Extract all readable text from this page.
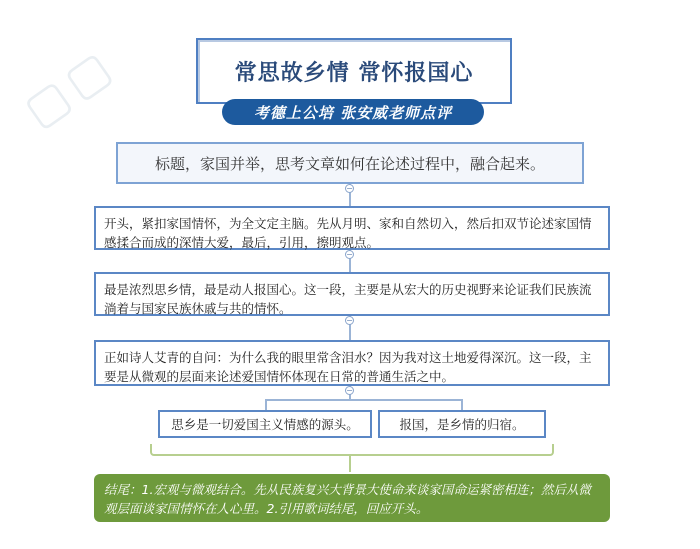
▢▢
−
−
−
−
常思故乡情 常怀报国心
考德上公培 张安威老师点评
标题，家国并举，思考文章如何在论述过程中，融合起来。
开头，紧扣家国情怀，为全文定主脑。先从月明、家和自然切入，然后扣双节论述家国情感揉合而成的深情大爱，最后，引用，擦明观点。
最是浓烈思乡情，最是动人报国心。这一段，主要是从宏大的历史视野来论证我们民族流淌着与国家民族休戚与共的情怀。
正如诗人艾青的自问：为什么我的眼里常含泪水？因为我对这土地爱得深沉。这一段，主要是从微观的层面来论述爱国情怀体现在日常的普通生活之中。
思乡是一切爱国主义情感的源头。	报国，是乡情的归宿。
结尾：1.宏观与微观结合。先从民族复兴大背景大使命来谈家国命运紧密相连；然后从微观层面谈家国情怀在人心里。2.引用歌词结尾，回应开头。
